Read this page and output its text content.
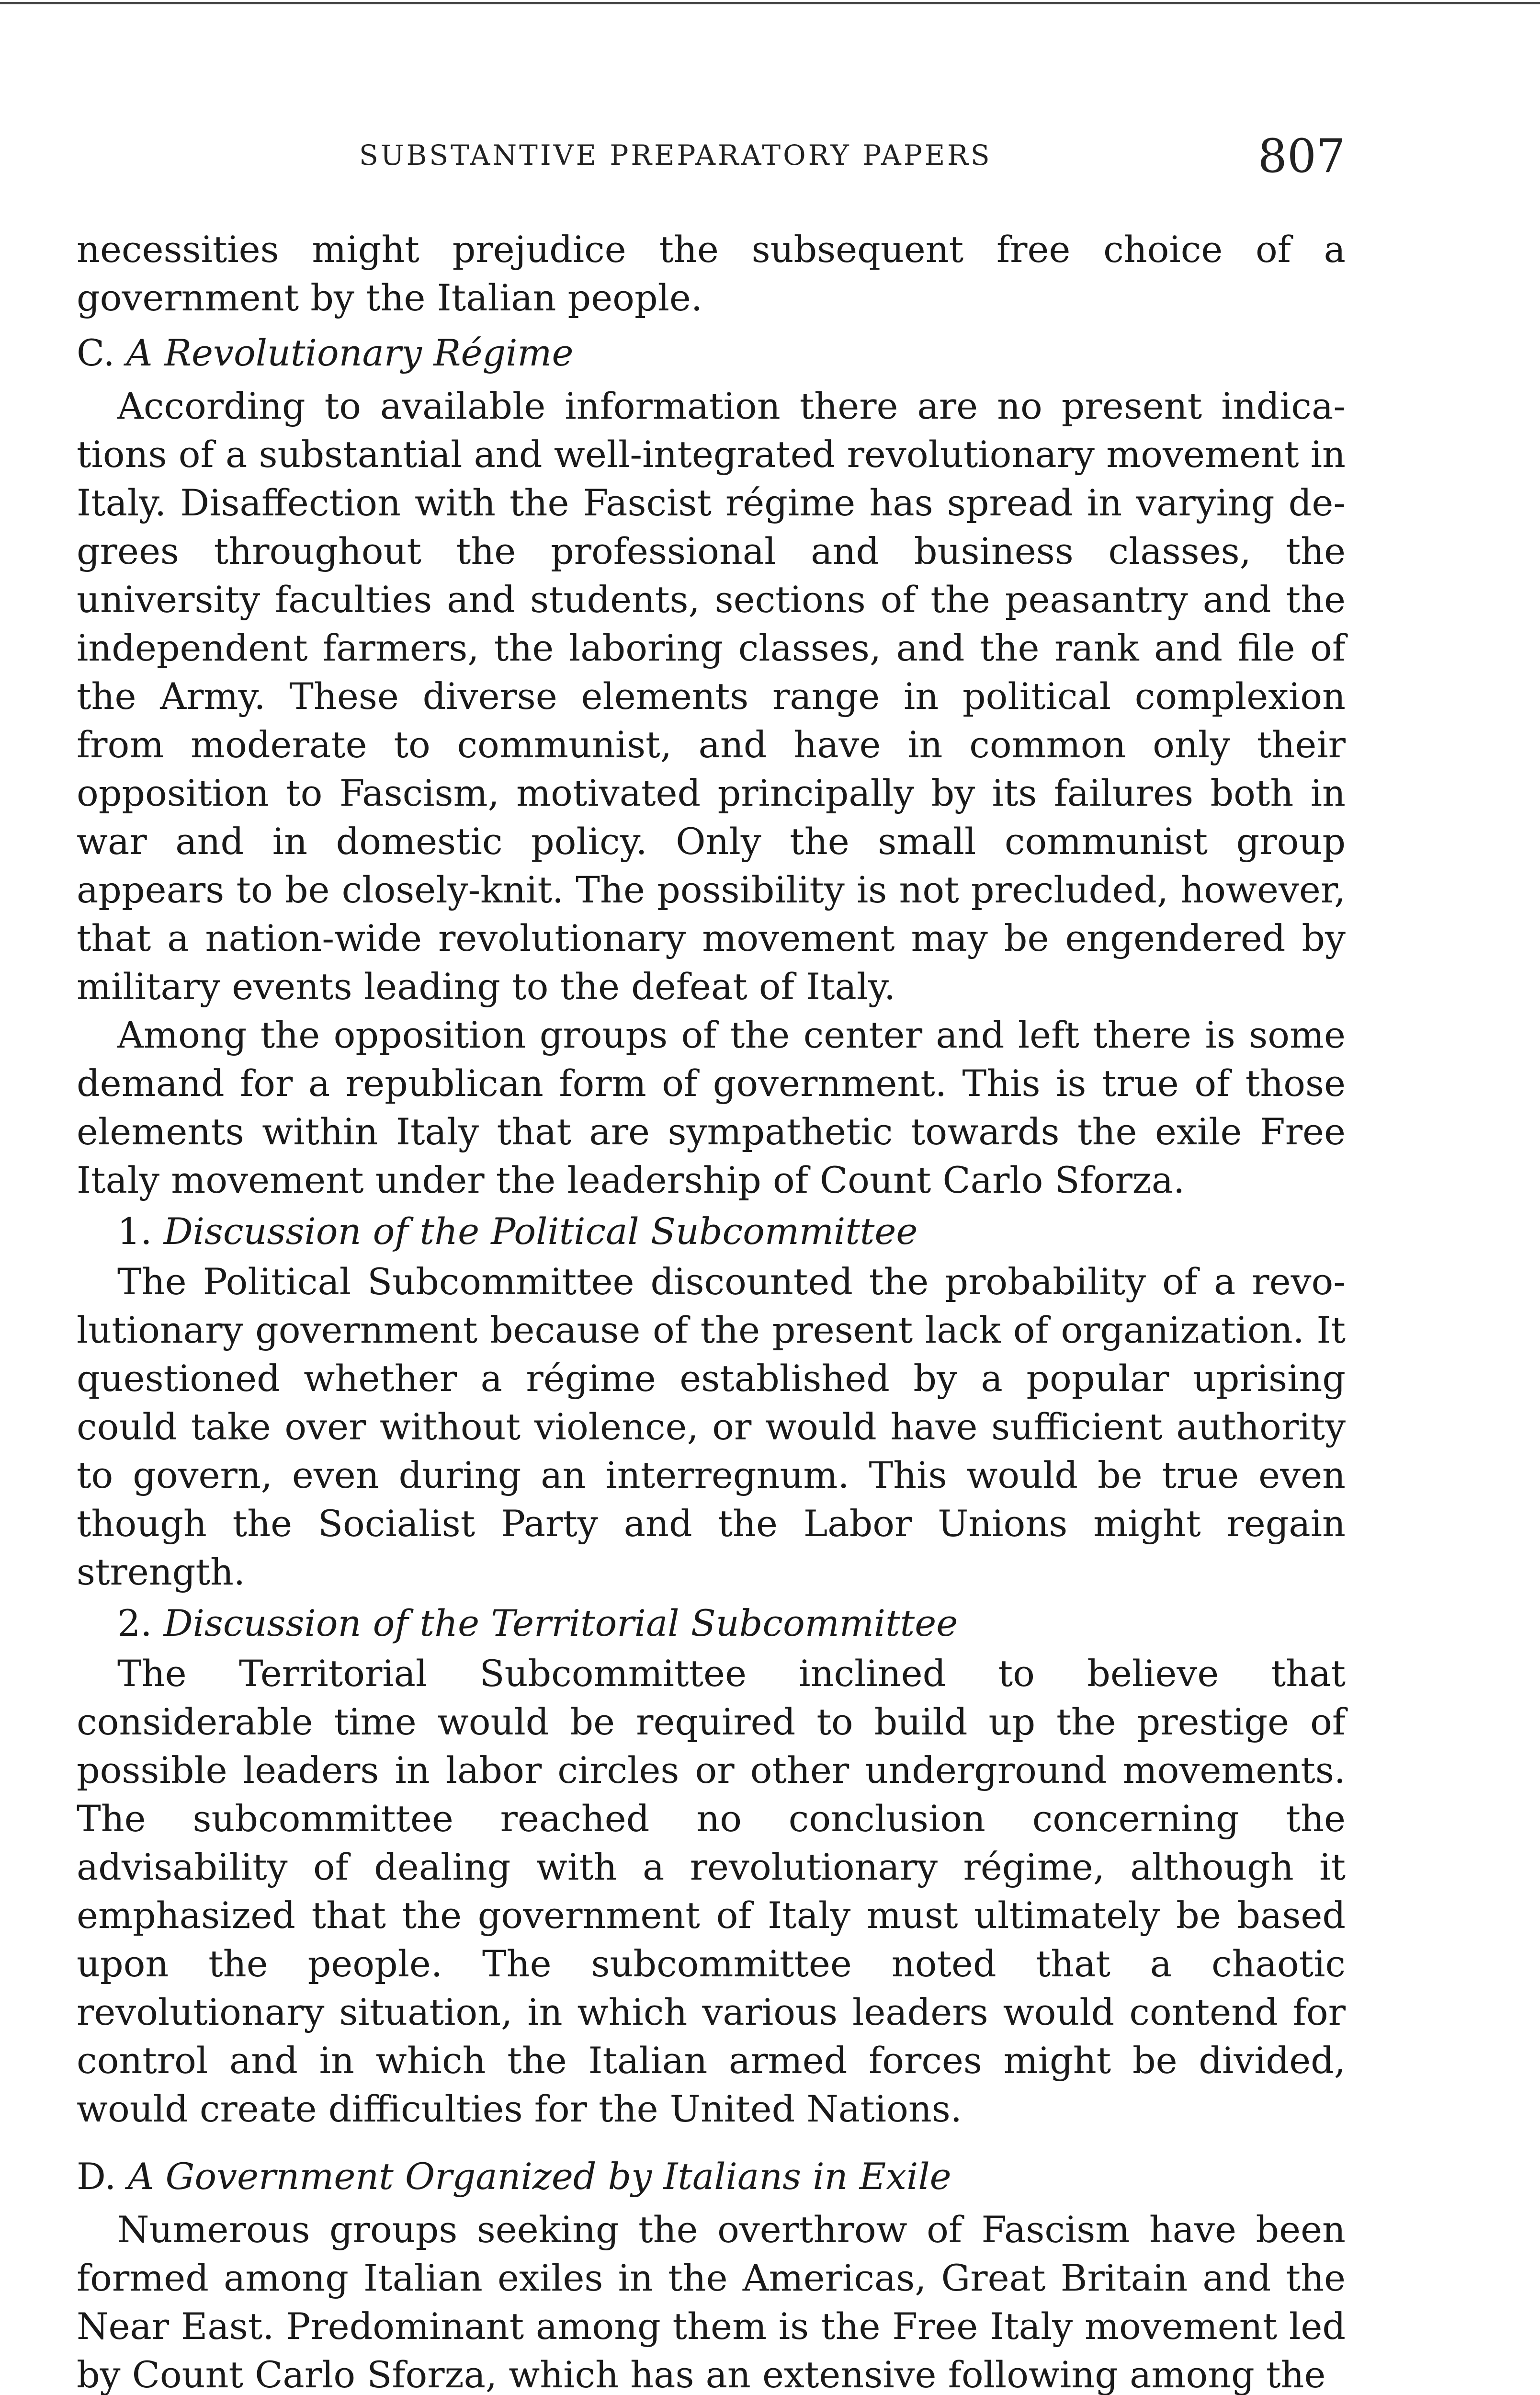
SUBSTANTIVE PREPARATORY PAPERS	807

necessities might prejudice the subsequent free choice of a government by the Italian people.

C. A Revolutionary Régime

According to available information there are no present indications of a substantial and well-integrated revolutionary movement in Italy. Disaffection with the Fascist régime has spread in varying degrees throughout the professional and business classes, the university faculties and students, sections of the peasantry and the independent farmers, the laboring classes, and the rank and file of the Army. These diverse elements range in political complexion from moderate to communist, and have in common only their opposition to Fascism, motivated principally by its failures both in war and in domestic policy. Only the small communist group appears to be closely-knit. The possibility is not precluded, however, that a nation-wide revolutionary movement may be engendered by military events leading to the defeat of Italy.

Among the opposition groups of the center and left there is some demand for a republican form of government. This is true of those elements within Italy that are sympathetic towards the exile Free Italy movement under the leadership of Count Carlo Sforza.

1. Discussion of the Political Subcommittee

The Political Subcommittee discounted the probability of a revolutionary government because of the present lack of organization. It questioned whether a régime established by a popular uprising could take over without violence, or would have sufficient authority to govern, even during an interregnum. This would be true even though the Socialist Party and the Labor Unions might regain strength.

2. Discussion of the Territorial Subcommittee

The Territorial Subcommittee inclined to believe that considerable time would be required to build up the prestige of possible leaders in labor circles or other underground movements. The subcommittee reached no conclusion concerning the advisability of dealing with a revolutionary régime, although it emphasized that the government of Italy must ultimately be based upon the people. The subcommittee noted that a chaotic revolutionary situation, in which various leaders would contend for control and in which the Italian armed forces might be divided, would create difficulties for the United Nations.

D. A Government Organized by Italians in Exile

Numerous groups seeking the overthrow of Fascism have been formed among Italian exiles in the Americas, Great Britain and the Near East. Predominant among them is the Free Italy movement led by Count Carlo Sforza, which has an extensive following among the
